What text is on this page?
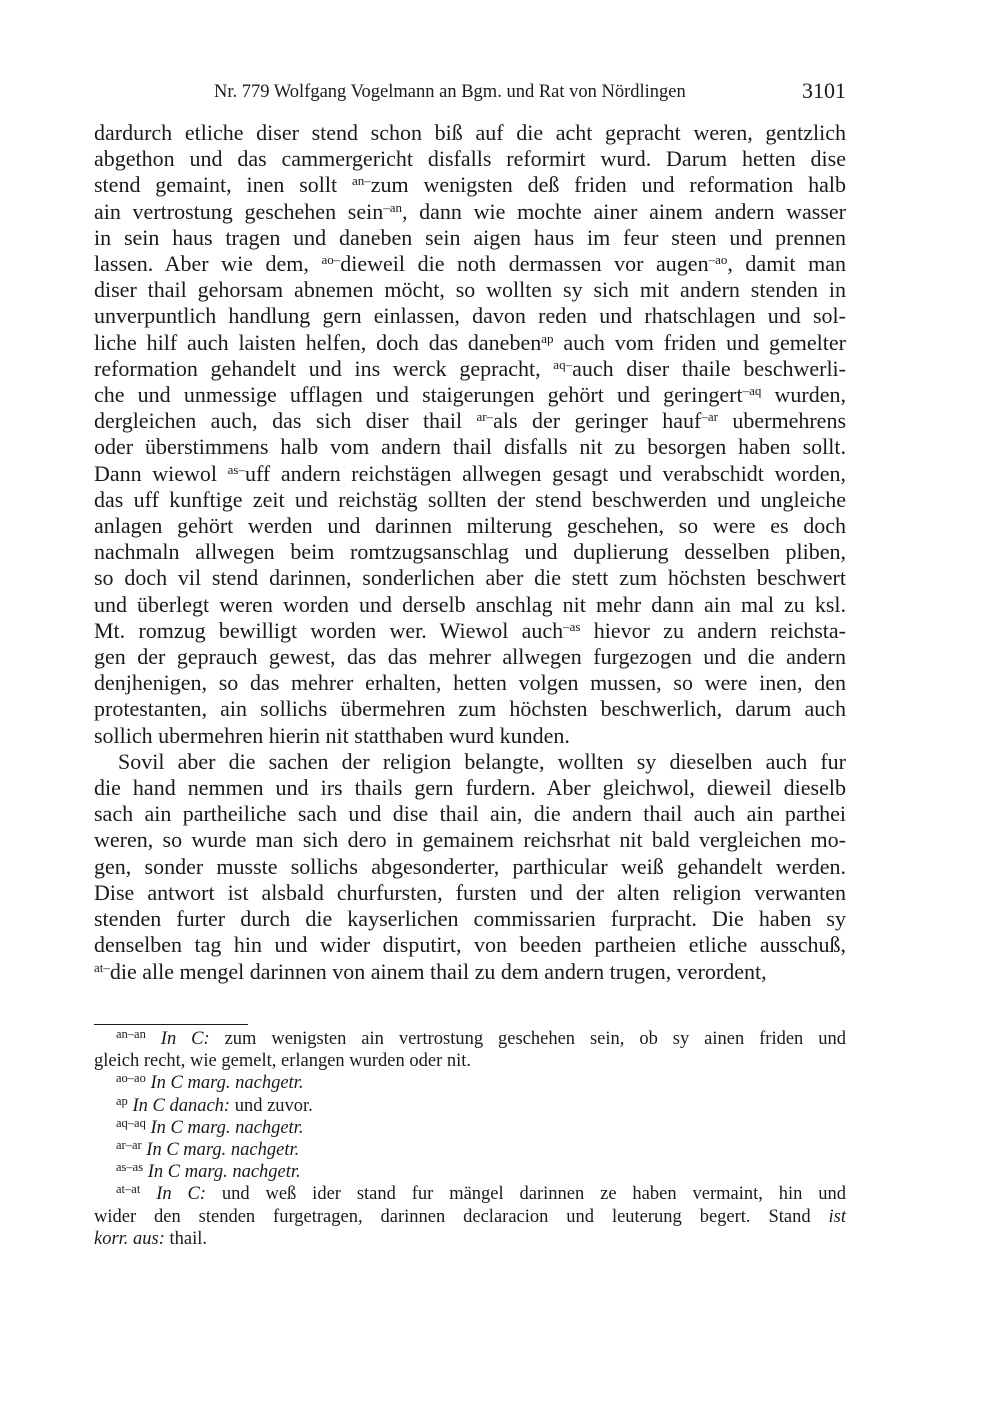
Nr. 779 Wolfgang Vogelmann an Bgm. und Rat von Nördlingen	3101
dardurch etliche diser stend schon biß auf die acht gepracht weren, gentzlich
abgethon und das cammergericht disfalls reformirt wurd. Darum hetten dise
stend gemaint, inen sollt $^{an-}$zum wenigsten deß friden und reformation halb
ain vertrostung geschehen sein$^{-an}$, dann wie mochte ainer ainem andern wasser
in sein haus tragen und daneben sein aigen haus im feur steen und prennen
lassen. Aber wie dem, $^{ao-}$dieweil die noth dermassen vor augen$^{-ao}$, damit man
diser thail gehorsam abnemen möcht, so wollten sy sich mit andern stenden in
unverpuntlich handlung gern einlassen, davon reden und rhatschlagen und sol-
liche hilf auch laisten helfen, doch das daneben$^{ap}$ auch vom friden und gemelter
reformation gehandelt und ins werck gepracht, $^{aq-}$auch diser thaile beschwerli-
che und unmessige ufflagen und staigerungen gehört und geringert$^{-aq}$ wurden,
dergleichen auch, das sich diser thail $^{ar-}$als der geringer hauf$^{-ar}$ ubermehrens
oder überstimmens halb vom andern thail disfalls nit zu besorgen haben sollt.
Dann wiewol $^{as-}$uff andern reichstägen allwegen gesagt und verabschidt worden,
das uff kunftige zeit und reichstäg sollten der stend beschwerden und ungleiche
anlagen gehört werden und darinnen milterung geschehen, so were es doch
nachmaln allwegen beim romtzugsanschlag und duplierung desselben pliben,
so doch vil stend darinnen, sonderlichen aber die stett zum höchsten beschwert
und überlegt weren worden und derselb anschlag nit mehr dann ain mal zu ksl.
Mt. romzug bewilligt worden wer. Wiewol auch$^{-as}$ hievor zu andern reichsta-
gen der geprauch gewest, das das mehrer allwegen furgezogen und die andern
denjhenigen, so das mehrer erhalten, hetten volgen mussen, so were inen, den
protestanten, ain sollichs übermehren zum höchsten beschwerlich, darum auch
sollich ubermehren hierin nit statthaben wurd kunden.
Sovil aber die sachen der religion belangte, wollten sy dieselben auch fur
die hand nemmen und irs thails gern furdern. Aber gleichwol, dieweil dieselb
sach ain partheiliche sach und dise thail ain, die andern thail auch ain parthei
weren, so wurde man sich dero in gemainem reichsrhat nit bald vergleichen mo-
gen, sonder musste sollichs abgesonderter, parthicular weiß gehandelt werden.
Dise antwort ist alsbald churfursten, fursten und der alten religion verwanten
stenden furter durch die kayserlichen commissarien furpracht. Die haben sy
denselben tag hin und wider disputirt, von beeden partheien etliche ausschuß,
$^{at-}$die alle mengel darinnen von ainem thail zu dem andern trugen, verordent,
$^{an-an}$ In C: zum wenigsten ain vertrostung geschehen sein, ob sy ainen friden und
gleich recht, wie gemelt, erlangen wurden oder nit.
$^{ao-ao}$ In C marg. nachgetr.
$^{ap}$ In C danach: und zuvor.
$^{aq-aq}$ In C marg. nachgetr.
$^{ar-ar}$ In C marg. nachgetr.
$^{as-as}$ In C marg. nachgetr.
$^{at-at}$ In C: und weß ider stand fur mängel darinnen ze haben vermaint, hin und
wider den stenden furgetragen, darinnen declaracion und leuterung begert. Stand ist
korr. aus: thail.
